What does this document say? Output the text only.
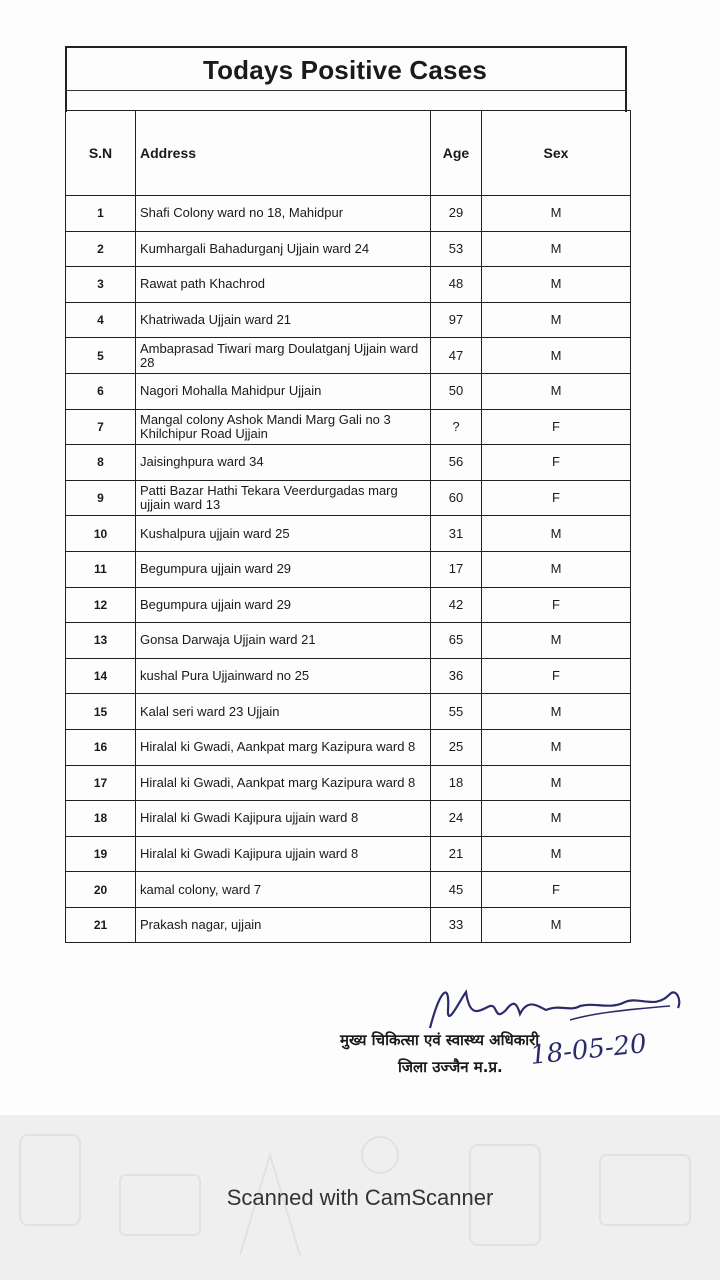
Todays Positive Cases
S.N	Address	Age	Sex
1	Shafi Colony ward no 18, Mahidpur	29	M
2	Kumhargali Bahadurganj Ujjain ward 24	53	M
3	Rawat path Khachrod	48	M
4	Khatriwada Ujjain ward 21	97	M
5	Ambaprasad Tiwari marg Doulatganj Ujjain ward 28	47	M
6	Nagori Mohalla Mahidpur Ujjain	50	M
7	Mangal colony Ashok Mandi Marg Gali no 3 Khilchipur Road Ujjain	?	F
8	Jaisinghpura ward 34	56	F
9	Patti Bazar Hathi Tekara Veerdurgadas marg ujjain ward 13	60	F
10	Kushalpura ujjain ward 25	31	M
11	Begumpura ujjain ward 29	17	M
12	Begumpura ujjain ward 29	42	F
13	Gonsa Darwaja Ujjain ward 21	65	M
14	kushal Pura Ujjainward no 25	36	F
15	Kalal seri ward 23 Ujjain	55	M
16	Hiralal ki Gwadi, Aankpat marg Kazipura ward 8	25	M
17	Hiralal ki Gwadi, Aankpat marg Kazipura ward 8	18	M
18	Hiralal ki Gwadi Kajipura ujjain ward 8	24	M
19	Hiralal ki Gwadi Kajipura ujjain ward 8	21	M
20	kamal colony, ward 7	45	F
21	Prakash nagar, ujjain	33	M
मुख्य चिकित्सा एवं स्वास्थ्य अधिकारी
जिला उज्जैन म.प्र. 18-05-20
Scanned with CamScanner
